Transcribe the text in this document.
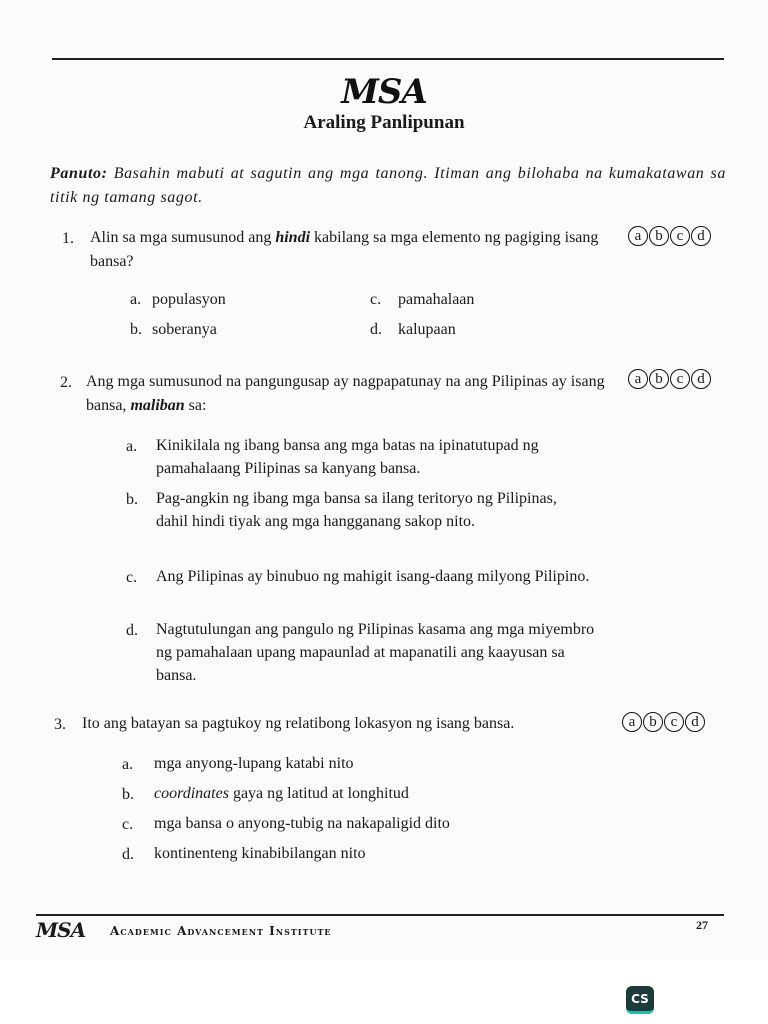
MSA
Araling Panlipunan
Panuto: Basahin mabuti at sagutin ang mga tanong. Itiman ang bilohaba na kumakatawan sa titik ng tamang sagot.
1. Alin sa mga sumusunod ang hindi kabilang sa mga elemento ng pagiging isang bansa?
a b c d
a. populasyon
b. soberanya
c. pamahalaan
d. kalupaan
2. Ang mga sumusunod na pangungusap ay nagpapatunay na ang Pilipinas ay isang bansa, maliban sa:
a b c d
a. Kinikilala ng ibang bansa ang mga batas na ipinatutupad ng pamahalaang Pilipinas sa kanyang bansa.
b. Pag-angkin ng ibang mga bansa sa ilang teritoryo ng Pilipinas, dahil hindi tiyak ang mga hangganang sakop nito.
c. Ang Pilipinas ay binubuo ng mahigit isang-daang milyong Pilipino.
d. Nagtutulungan ang pangulo ng Pilipinas kasama ang mga miyembro ng pamahalaan upang mapaunlad at mapanatili ang kaayusan sa bansa.
3. Ito ang batayan sa pagtukoy ng relatibong lokasyon ng isang bansa.	a b c d
a. mga anyong-lupang katabi nito
b. coordinates gaya ng latitud at longhitud
c. mga bansa o anyong-tubig na nakapaligid dito
d. kontinenteng kinabibilangan nito
MSA Academic Advancement Institute	27
CS
